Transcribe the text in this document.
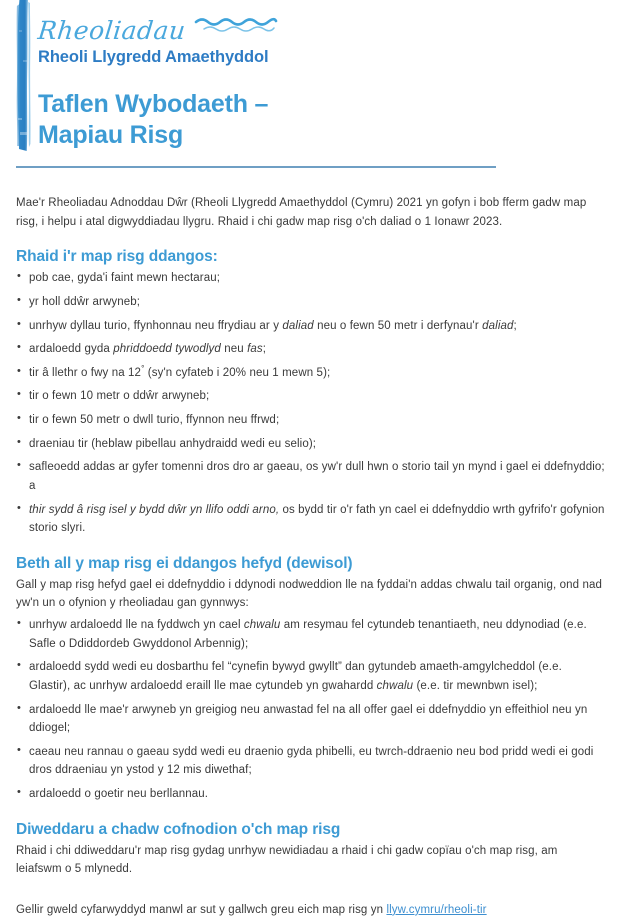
Rheoliadau
Rheoli Llygredd Amaethyddol
Taflen Wybodaeth –
Mapiau Risg

Mae'r Rheoliadau Adnoddau Dŵr (Rheoli Llygredd Amaethyddol (Cymru) 2021 yn gofyn i bob fferm gadw map risg, i helpu i atal digwyddiadau llygru. Rhaid i chi gadw map risg o'ch daliad o 1 Ionawr 2023.

Rhaid i'r map risg ddangos:
• pob cae, gyda'i faint mewn hectarau;
• yr holl ddŵr arwyneb;
• unrhyw dyllau turio, ffynhonnau neu ffrydiau ar y daliad neu o fewn 50 metr i derfynau'r daliad;
• ardaloedd gyda phriddoedd tywodlyd neu fas;
• tir â llethr o fwy na 12° (sy'n cyfateb i 20% neu 1 mewn 5);
• tir o fewn 10 metr o ddŵr arwyneb;
• tir o fewn 50 metr o dwll turio, ffynnon neu ffrwd;
• draeniau tir (heblaw pibellau anhydraidd wedi eu selio);
• safleoedd addas ar gyfer tomenni dros dro ar gaeau, os yw'r dull hwn o storio tail yn mynd i gael ei ddefnyddio; a
• thir sydd â risg isel y bydd dŵr yn llifo oddi arno, os bydd tir o'r fath yn cael ei ddefnyddio wrth gyfrifo'r gofynion storio slyri.
Beth all y map risg ei ddangos hefyd (dewisol)

Gall y map risg hefyd gael ei ddefnyddio i ddynodi nodweddion lle na fyddai'n addas chwalu tail organig, ond nad yw'n un o ofynion y rheoliadau gan gynnwys:

• unrhyw ardaloedd lle na fyddwch yn cael chwalu am resymau fel cytundeb tenantiaeth, neu ddynodiad (e.e. Safle o Ddiddordeb Gwyddonol Arbennig);
• ardaloedd sydd wedi eu dosbarthu fel “cynefin bywyd gwyllt” dan gytundeb amaeth-amgylcheddol (e.e. Glastir), ac unrhyw ardaloedd eraill lle mae cytundeb yn gwahardd chwalu (e.e. tir mewnbwn isel);
• ardaloedd lle mae'r arwyneb yn greigiog neu anwastad fel na all offer gael ei ddefnyddio yn effeithiol neu yn ddiogel;
• caeau neu rannau o gaeau sydd wedi eu draenio gyda phibelli, eu twrch-ddraenio neu bod pridd wedi ei godi dros ddraeniau yn ystod y 12 mis diwethaf;
• ardaloedd o goetir neu berllannau.
Diweddaru a chadw cofnodion o'ch map risg

Rhaid i chi ddiweddaru'r map risg gydag unrhyw newidiadau a rhaid i chi gadw copïau o'ch map risg, am leiafswm o 5 mlynedd.

Gellir gweld cyfarwyddyd manwl ar sut y gallwch greu eich map risg yn llyw.cymru/rheoli-tir
